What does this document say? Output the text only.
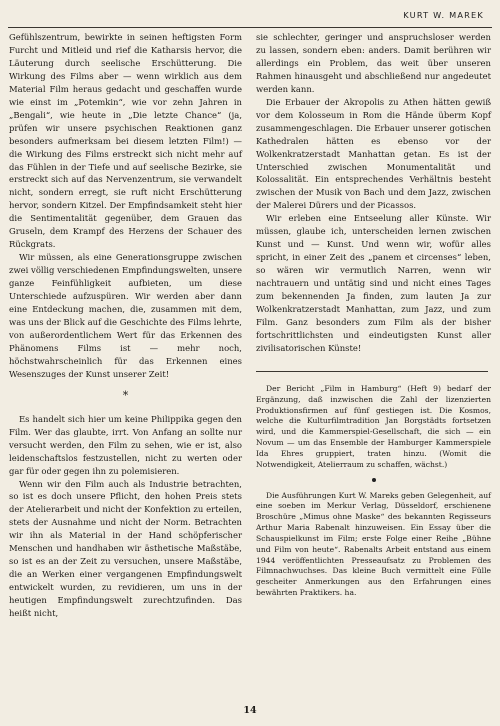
KURT W. MAREK

Gefühlszentrum, bewirkte in seinen heftigsten Form Furcht und Mitleid und rief die Katharsis hervor, die Läuterung durch seelische Erschütterung. Die Wirkung des Films aber — wenn wirklich aus dem Material Film heraus gedacht und geschaffen wurde wie einst im „Potemkin“, wie vor zehn Jahren in „Bengali“, wie heute in „Die letzte Chance“ (ja, prüfen wir unsere psychischen Reaktionen ganz besonders aufmerksam bei diesem letzten Film!) — die Wirkung des Films erstreckt sich nicht mehr auf das Fühlen in der Tiefe und auf seelische Bezirke, sie erstreckt sich auf das Nervenzentrum, sie verwandelt nicht, sondern erregt, sie ruft nicht Erschütterung hervor, sondern Kitzel. Der Empfindsamkeit steht hier die Sentimentalität gegenüber, dem Grauen das Gruseln, dem Krampf des Herzens der Schauer des Rückgrats.

Wir müssen, als eine Generationsgruppe zwischen zwei völlig verschiedenen Empfindungswelten, unsere ganze Feinfühligkeit aufbieten, um diese Unterschiede aufzuspüren. Wir werden aber dann eine Entdeckung machen, die, zusammen mit dem, was uns der Blick auf die Geschichte des Films lehrte, von außerordentlichem Wert für das Erkennen des Phänomens Films ist — mehr noch, höchstwahrscheinlich für das Erkennen eines Wesenszuges der Kunst unserer Zeit!

*

Es handelt sich hier um keine Philippika gegen den Film. Wer das glaubte, irrt. Von Anfang an sollte nur versucht werden, den Film zu sehen, wie er ist, also leidenschaftslos festzustellen, nicht zu werten oder gar für oder gegen ihn zu polemisieren.

Wenn wir den Film auch als Industrie betrachten, so ist es doch unsere Pflicht, den hohen Preis stets der Atelierarbeit und nicht der Konfektion zu erteilen, stets der Ausnahme und nicht der Norm. Betrachten wir ihn als Material in der Hand schöpferischer Menschen und handhaben wir ästhetische Maßstäbe, so ist es an der Zeit zu versuchen, unsere Maßstäbe, die an Werken einer vergangenen Empfindungswelt entwickelt wurden, zu revidieren, um uns in der heutigen Empfindungswelt zurechtzufinden. Das heißt nicht,

sie schlechter, geringer und anspruchsloser werden zu lassen, sondern eben: anders. Damit berühren wir allerdings ein Problem, das weit über unseren Rahmen hinausgeht und abschließend nur angedeutet werden kann.

Die Erbauer der Akropolis zu Athen hätten gewiß vor dem Kolosseum in Rom die Hände überm Kopf zusammengeschlagen. Die Erbauer unserer gotischen Kathedralen hätten es ebenso vor der Wolkenkratzerstadt Manhattan getan. Es ist der Unterschied zwischen Monumentalität und Kolossalität. Ein entsprechendes Verhältnis besteht zwischen der Musik von Bach und dem Jazz, zwischen der Malerei Dürers und der Picassos.

Wir erleben eine Entseelung aller Künste. Wir müssen, glaube ich, unterscheiden lernen zwischen Kunst und — Kunst. Und wenn wir, wofür alles spricht, in einer Zeit des „panem et circenses“ leben, so wären wir vermutlich Narren, wenn wir nachtrauern und untätig sind und nicht eines Tages zum bekennenden Ja finden, zum lauten Ja zur Wolkenkratzerstadt Manhattan, zum Jazz, und zum Film. Ganz besonders zum Film als der bisher fortschrittlichsten und eindeutigsten Kunst aller zivilisatorischen Künste!

Der Bericht „Film in Hamburg“ (Heft 9) bedarf der Ergänzung, daß inzwischen die Zahl der lizenzierten Produktionsfirmen auf fünf gestiegen ist. Die Kosmos, welche die Kulturfilmtradition Jan Borgstädts fortsetzen wird, und die Kammerspiel-Gesellschaft, die sich — ein Novum — um das Ensemble der Hamburger Kammerspiele Ida Ehres gruppiert, traten hinzu. (Womit die Notwendigkeit, Atelierraum zu schaffen, wächst.)

Die Ausführungen Kurt W. Mareks geben Gelegenheit, auf eine soeben im Merkur Verlag, Düsseldorf, erschienene Broschüre „Mimus ohne Maske“ des bekannten Regisseurs Arthur Maria Rabenalt hinzuweisen. Ein Essay über die Schauspielkunst im Film; erste Folge einer Reihe „Bühne und Film von heute“. Rabenalts Arbeit entstand aus einem 1944 veröffentlichten Presseaufsatz zu Problemen des Filmnachwuchses. Das kleine Buch vermittelt eine Fülle gescheiter Anmerkungen aus den Erfahrungen eines bewährten Praktikers. ha.

14
